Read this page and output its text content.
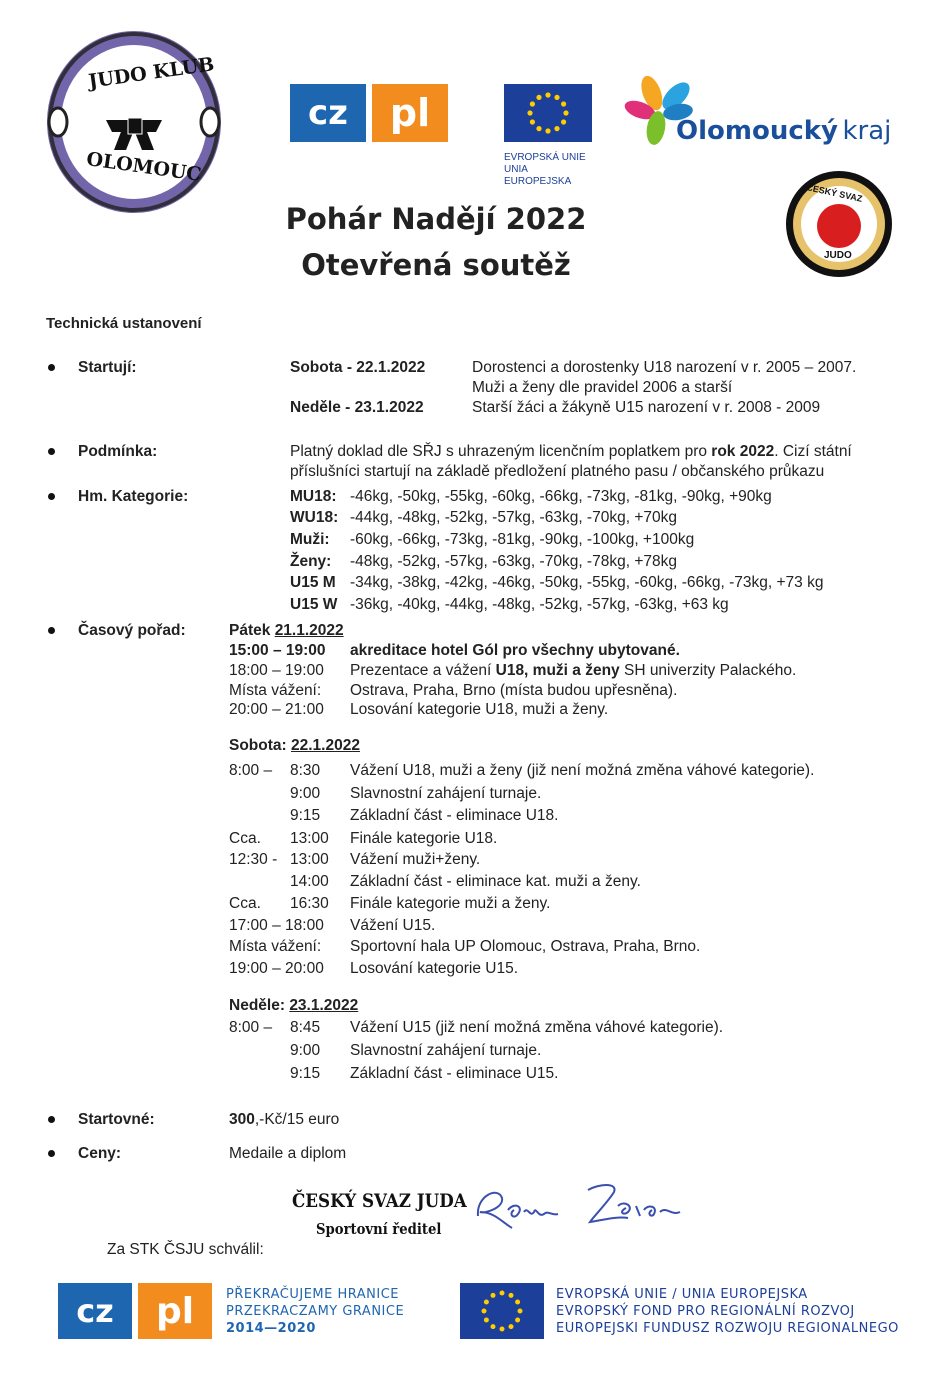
JUDO KLUB
OLOMOUC
cz	pl
EVROPSKÁ UNIE
UNIA EUROPEJSKA
Olomoucký kraj
ČESKÝ SVAZ
JUDO
Pohár Nadějí 2022
Otevřená soutěž
Technická ustanovení
Startují:	Sobota - 22.1.2022	Dorostenci a dorostenky U18 narození v r. 2005 – 2007.
Muži a ženy dle pravidel 2006 a starší
Neděle - 23.1.2022	Starší žáci a žákyně U15 narození v r. 2008 - 2009
Podmínka:	Platný doklad dle SŘJ s uhrazeným licenčním poplatkem pro rok 2022. Cizí státní
příslušníci startují na základě předložení platného pasu / občanského průkazu
Hm. Kategorie:	MU18: -46kg, -50kg, -55kg, -60kg, -66kg, -73kg, -81kg, -90kg, +90kg
WU18: -44kg, -48kg, -52kg, -57kg, -63kg, -70kg, +70kg
Muži: -60kg, -66kg, -73kg, -81kg, -90kg, -100kg, +100kg
Ženy: -48kg, -52kg, -57kg, -63kg, -70kg, -78kg, +78kg
U15 M -34kg, -38kg, -42kg, -46kg, -50kg, -55kg, -60kg, -66kg, -73kg, +73 kg
U15 W -36kg, -40kg, -44kg, -48kg, -52kg, -57kg, -63kg, +63 kg
Časový pořad:	Pátek 21.1.2022
15:00 – 19:00 akreditace hotel Gól pro všechny ubytované.
18:00 – 19:00 Prezentace a vážení U18, muži a ženy SH univerzity Palackého.
Místa vážení: Ostrava, Praha, Brno (místa budou upřesněna).
20:00 – 21:00 Losování kategorie U18, muži a ženy.
Sobota: 22.1.2022
8:00 – 8:30 Vážení U18, muži a ženy (již není možná změna váhové kategorie).
9:00 Slavnostní zahájení turnaje.
9:15 Základní část - eliminace U18.
Cca. 13:00 Finále kategorie U18.
12:30 - 13:00 Vážení muži+ženy.
14:00 Základní část - eliminace kat. muži a ženy.
Cca. 16:30 Finále kategorie muži a ženy.
17:00 – 18:00 Vážení U15.
Místa vážení: Sportovní hala UP Olomouc, Ostrava, Praha, Brno.
19:00 – 20:00 Losování kategorie U15.
Neděle: 23.1.2022
8:00 – 8:45 Vážení U15 (již není možná změna váhové kategorie).
9:00 Slavnostní zahájení turnaje.
9:15 Základní část - eliminace U15.
Startovné:	300,-Kč/15 euro
Ceny:	Medaile a diplom
ČESKÝ SVAZ JUDA
Sportovní ředitel
Za STK ČSJU schválil:
cz	pl	PŘEKRAČUJEME HRANICE
PRZEKRACZAMY GRANICE
2014—2020
EVROPSKÁ UNIE / UNIA EUROPEJSKA
EVROPSKÝ FOND PRO REGIONÁLNÍ ROZVOJ
EUROPEJSKI FUNDUSZ ROZWOJU REGIONALNEGO
